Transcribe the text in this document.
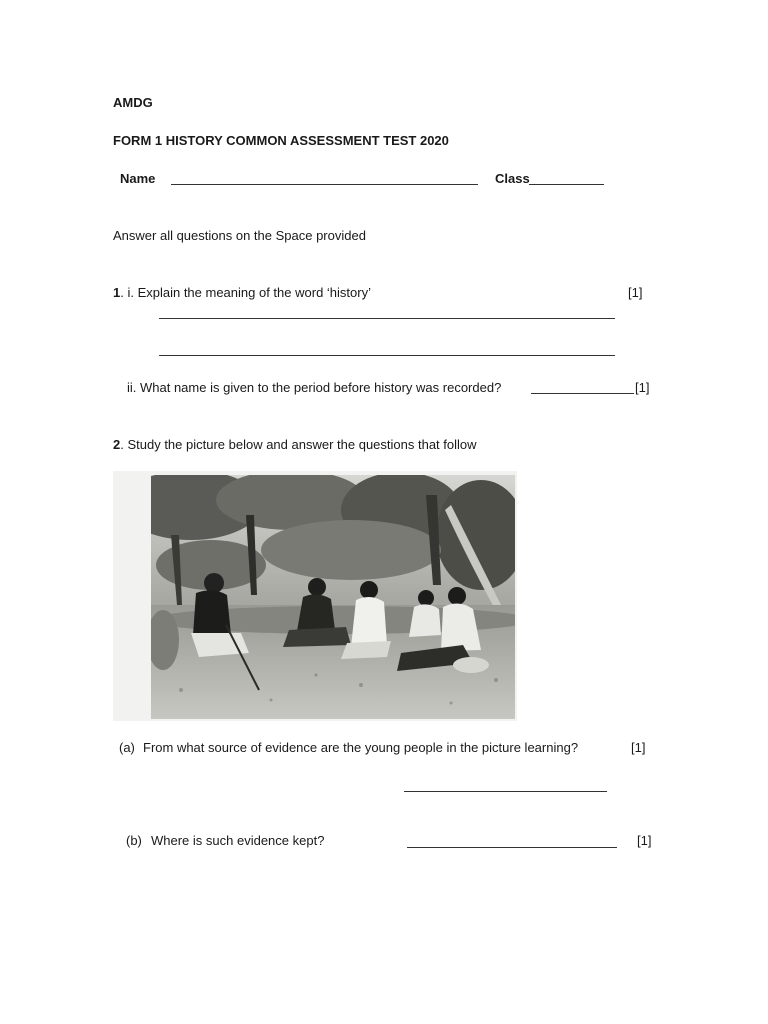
AMDG
FORM 1 HISTORY COMMON ASSESSMENT TEST 2020
Name	Class
Answer all questions on the Space provided
1. i. Explain the meaning of the word ‘history’	[1]
ii. What name is given to the period before history was recorded?	[1]
2. Study the picture below and answer the questions that follow
(a) From what source of evidence are the young people in the picture learning?	[1]
(b) Where is such evidence kept?	[1]
